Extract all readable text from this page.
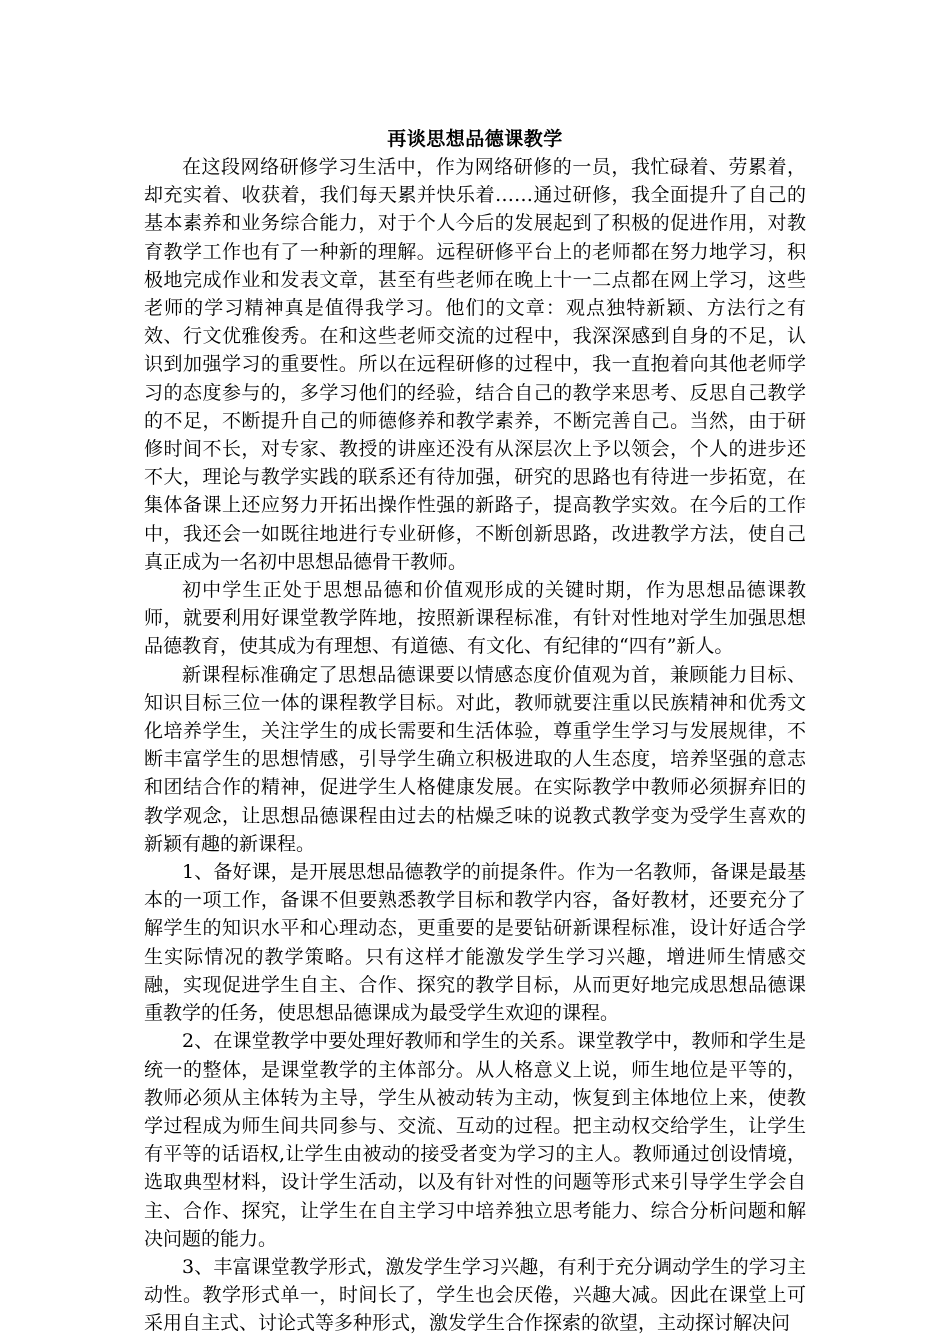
再谈思想品德课教学

在这段网络研修学习生活中，作为网络研修的一员，我忙碌着、劳累着，却充实着、收获着，我们每天累并快乐着……通过研修，我全面提升了自己的基本素养和业务综合能力，对于个人今后的发展起到了积极的促进作用，对教育教学工作也有了一种新的理解。远程研修平台上的老师都在努力地学习，积极地完成作业和发表文章，甚至有些老师在晚上十一二点都在网上学习，这些老师的学习精神真是值得我学习。他们的文章：观点独特新颖、方法行之有效、行文优雅俊秀。在和这些老师交流的过程中，我深深感到自身的不足，认识到加强学习的重要性。所以在远程研修的过程中，我一直抱着向其他老师学习的态度参与的，多学习他们的经验，结合自己的教学来思考、反思自己教学的不足，不断提升自己的师德修养和教学素养，不断完善自己。当然，由于研修时间不长，对专家、教授的讲座还没有从深层次上予以领会，个人的进步还不大，理论与教学实践的联系还有待加强，研究的思路也有待进一步拓宽，在集体备课上还应努力开拓出操作性强的新路子，提高教学实效。在今后的工作中，我还会一如既往地进行专业研修，不断创新思路，改进教学方法，使自己真正成为一名初中思想品德骨干教师。

初中学生正处于思想品德和价值观形成的关键时期，作为思想品德课教师，就要利用好课堂教学阵地，按照新课程标准，有针对性地对学生加强思想品德教育，使其成为有理想、有道德、有文化、有纪律的“四有”新人。

新课程标准确定了思想品德课要以情感态度价值观为首，兼顾能力目标、知识目标三位一体的课程教学目标。对此，教师就要注重以民族精神和优秀文化培养学生，关注学生的成长需要和生活体验，尊重学生学习与发展规律，不断丰富学生的思想情感，引导学生确立积极进取的人生态度，培养坚强的意志和团结合作的精神，促进学生人格健康发展。在实际教学中教师必须摒弃旧的教学观念，让思想品德课程由过去的枯燥乏味的说教式教学变为受学生喜欢的新颖有趣的新课程。

1、备好课，是开展思想品德教学的前提条件。作为一名教师，备课是最基本的一项工作，备课不但要熟悉教学目标和教学内容，备好教材，还要充分了解学生的知识水平和心理动态，更重要的是要钻研新课程标准，设计好适合学生实际情况的教学策略。只有这样才能激发学生学习兴趣，增进师生情感交融，实现促进学生自主、合作、探究的教学目标，从而更好地完成思想品德课重教学的任务，使思想品德课成为最受学生欢迎的课程。

2、在课堂教学中要处理好教师和学生的关系。课堂教学中，教师和学生是统一的整体，是课堂教学的主体部分。从人格意义上说，师生地位是平等的，教师必须从主体转为主导，学生从被动转为主动，恢复到主体地位上来，使教学过程成为师生间共同参与、交流、互动的过程。把主动权交给学生，让学生有平等的话语权,让学生由被动的接受者变为学习的主人。教师通过创设情境，选取典型材料，设计学生活动，以及有针对性的问题等形式来引导学生学会自主、合作、探究，让学生在自主学习中培养独立思考能力、综合分析问题和解决问题的能力。

3、丰富课堂教学形式，激发学生学习兴趣，有利于充分调动学生的学习主动性。教学形式单一，时间长了，学生也会厌倦，兴趣大减。因此在课堂上可采用自主式、讨论式等多种形式，激发学生合作探索的欲望，主动探讨解决问
